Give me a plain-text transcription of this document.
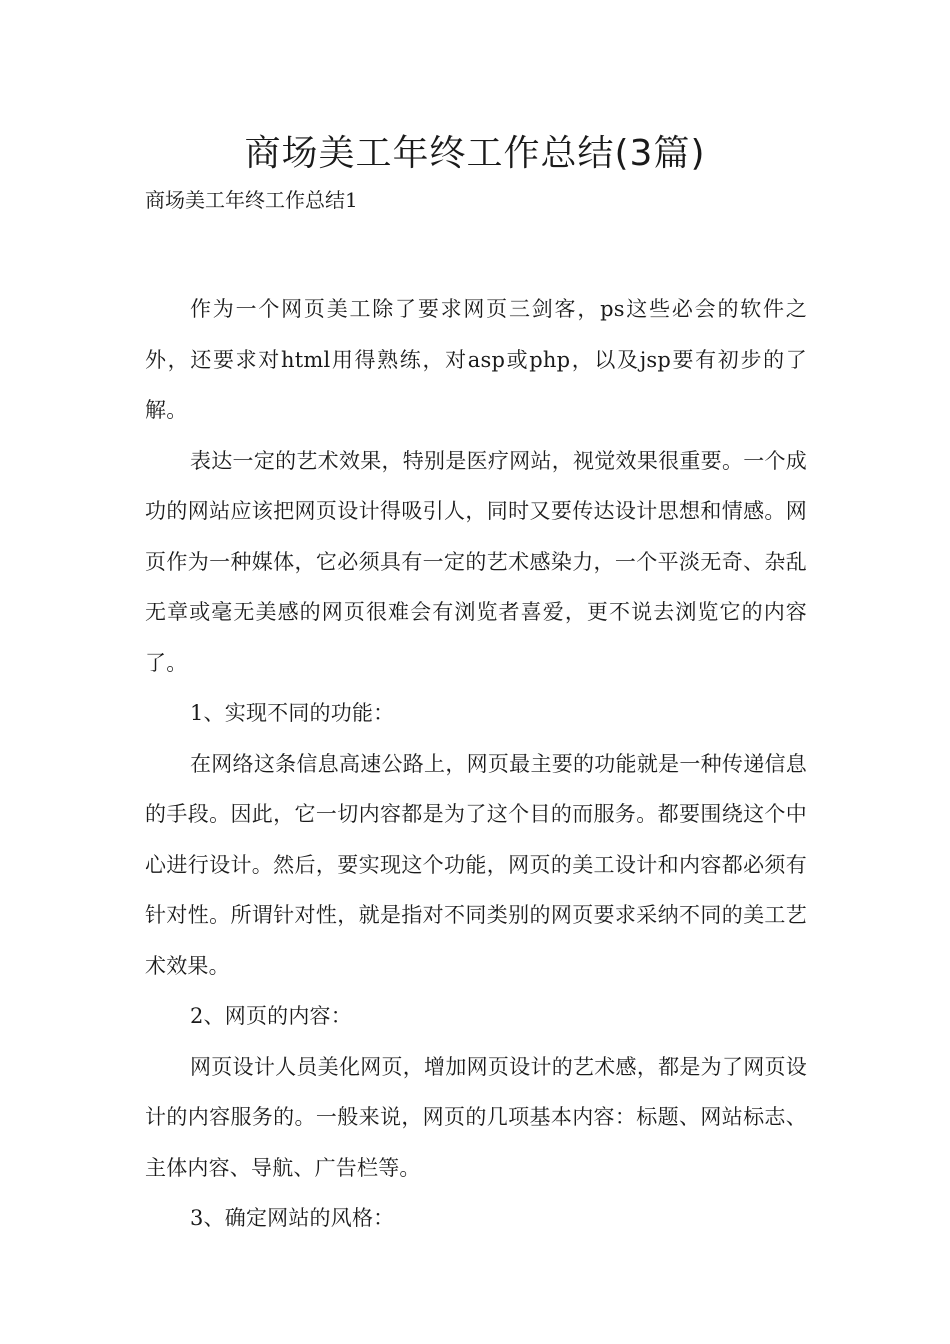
商场美工年终工作总结(3篇)

商场美工年终工作总结1

作为一个网页美工除了要求网页三剑客，ps这些必会的软件之外，还要求对html用得熟练，对asp或php，以及jsp要有初步的了解。

表达一定的艺术效果，特别是医疗网站，视觉效果很重要。一个成功的网站应该把网页设计得吸引人，同时又要传达设计思想和情感。网页作为一种媒体，它必须具有一定的艺术感染力，一个平淡无奇、杂乱无章或毫无美感的网页很难会有浏览者喜爱，更不说去浏览它的内容了。

1、实现不同的功能：

在网络这条信息高速公路上，网页最主要的功能就是一种传递信息的手段。因此，它一切内容都是为了这个目的而服务。都要围绕这个中心进行设计。然后，要实现这个功能，网页的美工设计和内容都必须有针对性。所谓针对性，就是指对不同类别的网页要求采纳不同的美工艺术效果。

2、网页的内容：

网页设计人员美化网页，增加网页设计的艺术感，都是为了网页设计的内容服务的。一般来说，网页的几项基本内容：标题、网站标志、主体内容、导航、广告栏等。

3、确定网站的风格：
